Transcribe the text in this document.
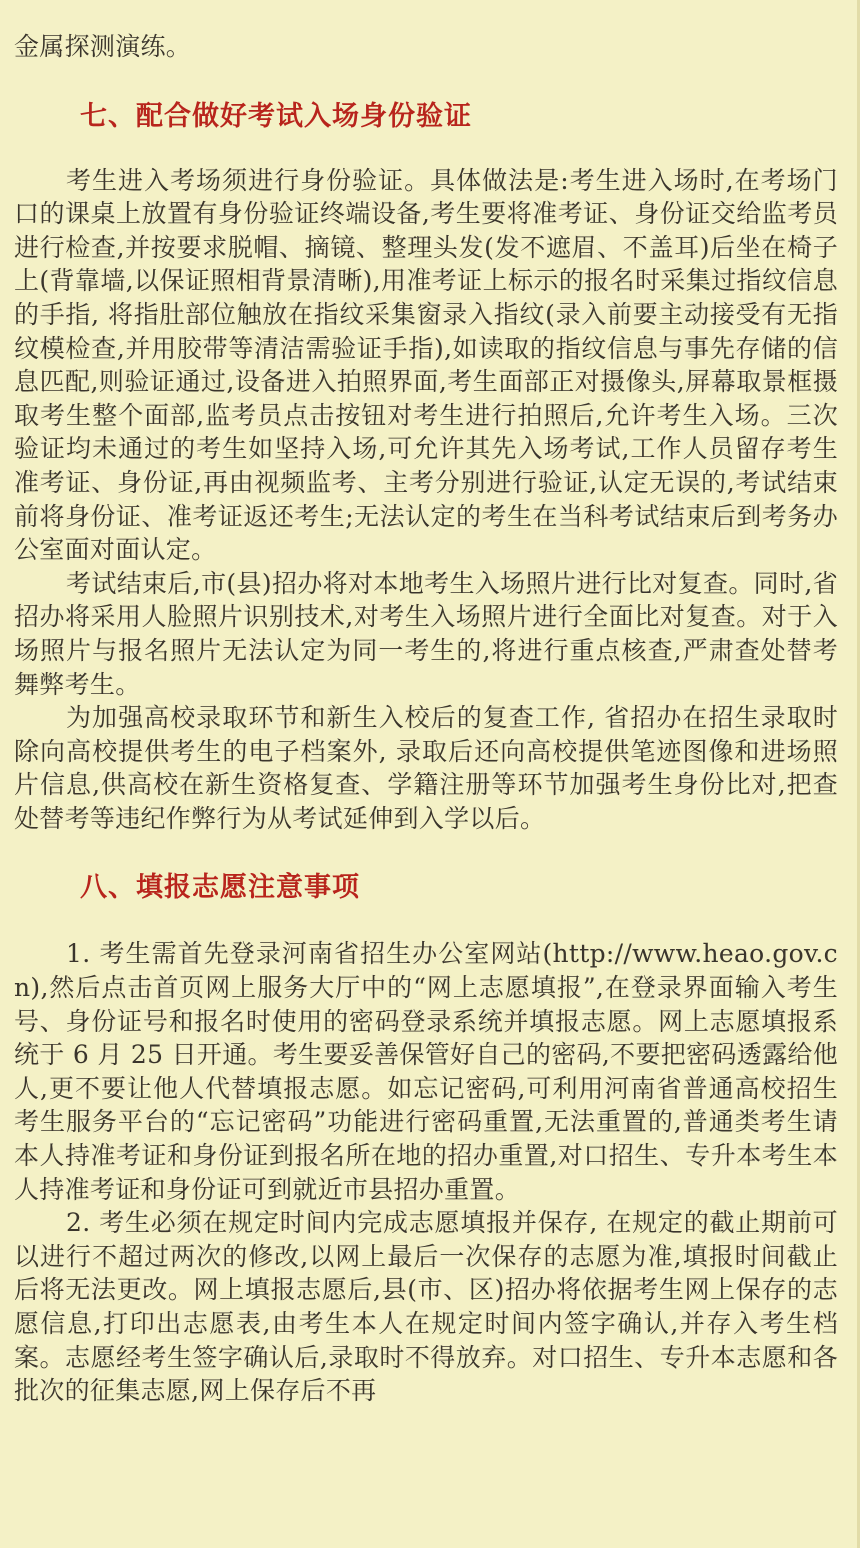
金属探测演练。

七、配合做好考试入场身份验证

考生进入考场须进行身份验证。具体做法是:考生进入场时,在考场门口的课桌上放置有身份验证终端设备,考生要将准考证、身份证交给监考员进行检查,并按要求脱帽、摘镜、整理头发(发不遮眉、不盖耳)后坐在椅子上(背靠墙,以保证照相背景清晰),用准考证上标示的报名时采集过指纹信息的手指, 将指肚部位触放在指纹采集窗录入指纹(录入前要主动接受有无指纹模检查,并用胶带等清洁需验证手指),如读取的指纹信息与事先存储的信息匹配,则验证通过,设备进入拍照界面,考生面部正对摄像头,屏幕取景框摄取考生整个面部,监考员点击按钮对考生进行拍照后,允许考生入场。三次验证均未通过的考生如坚持入场,可允许其先入场考试,工作人员留存考生准考证、身份证,再由视频监考、主考分别进行验证,认定无误的,考试结束前将身份证、准考证返还考生;无法认定的考生在当科考试结束后到考务办公室面对面认定。

考试结束后,市(县)招办将对本地考生入场照片进行比对复查。同时,省招办将采用人脸照片识别技术,对考生入场照片进行全面比对复查。对于入场照片与报名照片无法认定为同一考生的,将进行重点核查,严肃查处替考舞弊考生。

为加强高校录取环节和新生入校后的复查工作, 省招办在招生录取时除向高校提供考生的电子档案外, 录取后还向高校提供笔迹图像和进场照片信息,供高校在新生资格复查、学籍注册等环节加强考生身份比对,把查处替考等违纪作弊行为从考试延伸到入学以后。

八、填报志愿注意事项

1. 考生需首先登录河南省招生办公室网站(http://www.heao.gov.cn),然后点击首页网上服务大厅中的“网上志愿填报”,在登录界面输入考生号、身份证号和报名时使用的密码登录系统并填报志愿。网上志愿填报系统于 6 月 25 日开通。考生要妥善保管好自己的密码,不要把密码透露给他人,更不要让他人代替填报志愿。如忘记密码,可利用河南省普通高校招生考生服务平台的“忘记密码”功能进行密码重置,无法重置的,普通类考生请本人持准考证和身份证到报名所在地的招办重置,对口招生、专升本考生本人持准考证和身份证可到就近市县招办重置。

2. 考生必须在规定时间内完成志愿填报并保存, 在规定的截止期前可以进行不超过两次的修改,以网上最后一次保存的志愿为准,填报时间截止后将无法更改。网上填报志愿后,县(市、区)招办将依据考生网上保存的志愿信息,打印出志愿表,由考生本人在规定时间内签字确认,并存入考生档案。志愿经考生签字确认后,录取时不得放弃。对口招生、专升本志愿和各批次的征集志愿,网上保存后不再
